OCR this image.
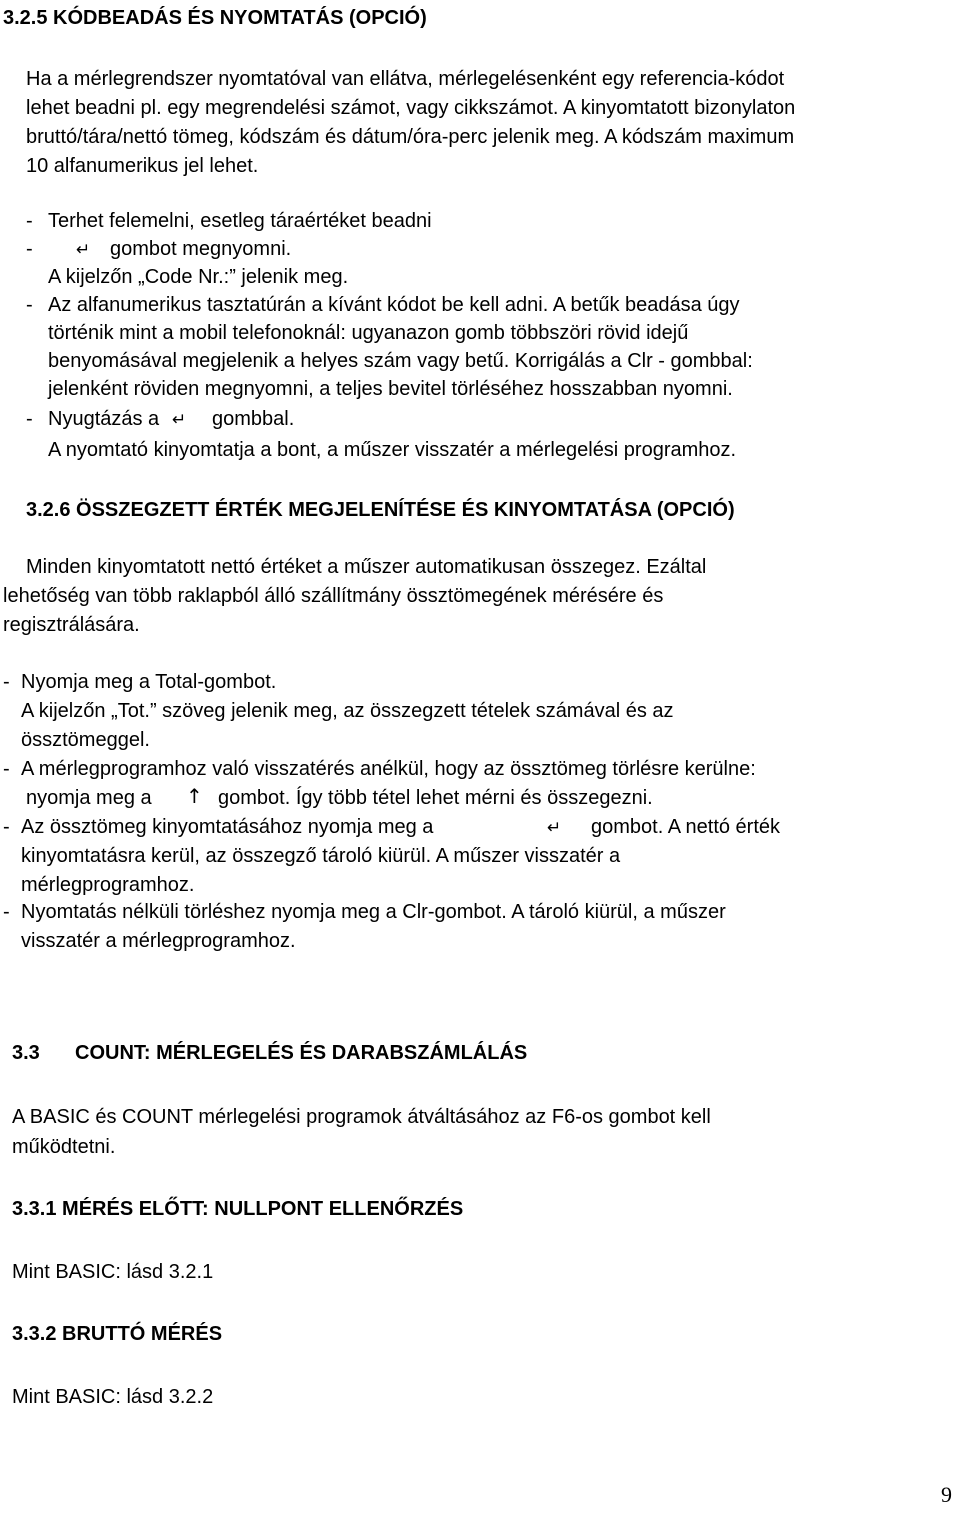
3.2.5 KÓDBEADÁS ÉS NYOMTATÁS (OPCIÓ)
Ha a mérlegrendszer nyomtatóval van ellátva, mérlegelésenként egy referencia-kódot
lehet beadni pl. egy megrendelési számot, vagy cikkszámot. A kinyomtatott bizonylaton
bruttó/tára/nettó tömeg, kódszám és dátum/óra-perc jelenik meg. A kódszám maximum
10 alfanumerikus jel lehet.
- Terhet felemelni, esetleg táraértéket beadni
-	↵ gombot megnyomni.
A kijelzőn „Code Nr.:” jelenik meg.
- Az alfanumerikus tasztatúrán a kívánt kódot be kell adni. A betűk beadása úgy
történik mint a mobil telefonoknál: ugyanazon gomb többszöri rövid idejű
benyomásával megjelenik a helyes szám vagy betű. Korrigálás a Clr - gombbal:
jelenként röviden megnyomni, a teljes bevitel törléséhez hosszabban nyomni.
- Nyugtázás a ↵ gombbal.
A nyomtató kinyomtatja a bont, a műszer visszatér a mérlegelési programhoz.
3.2.6 ÖSSZEGZETT ÉRTÉK MEGJELENÍTÉSE ÉS KINYOMTATÁSA (OPCIÓ)
Minden kinyomtatott nettó értéket a műszer automatikusan összegez. Ezáltal
lehetőség van több raklapból álló szállítmány össztömegének mérésére és
regisztrálására.
- Nyomja meg a Total-gombot.
A kijelzőn „Tot.” szöveg jelenik meg, az összegzett tételek számával és az
össztömeggel.
- A mérlegprogramhoz való visszatérés anélkül, hogy az össztömeg törlésre kerülne:
nyomja meg a ↑ gombot. Így több tétel lehet mérni és összegezni.
- Az össztömeg kinyomtatásához nyomja meg a	↵ gombot. A nettó érték
kinyomtatásra kerül, az összegző tároló kiürül. A műszer visszatér a
mérlegprogramhoz.
- Nyomtatás nélküli törléshez nyomja meg a Clr-gombot. A tároló kiürül, a műszer
visszatér a mérlegprogramhoz.
3.3 COUNT: MÉRLEGELÉS ÉS DARABSZÁMLÁLÁS
A BASIC és COUNT mérlegelési programok átváltásához az F6-os gombot kell
működtetni.
3.3.1 MÉRÉS ELŐTT: NULLPONT ELLENŐRZÉS
Mint BASIC: lásd 3.2.1
3.3.2 BRUTTÓ MÉRÉS
Mint BASIC: lásd 3.2.2
9
